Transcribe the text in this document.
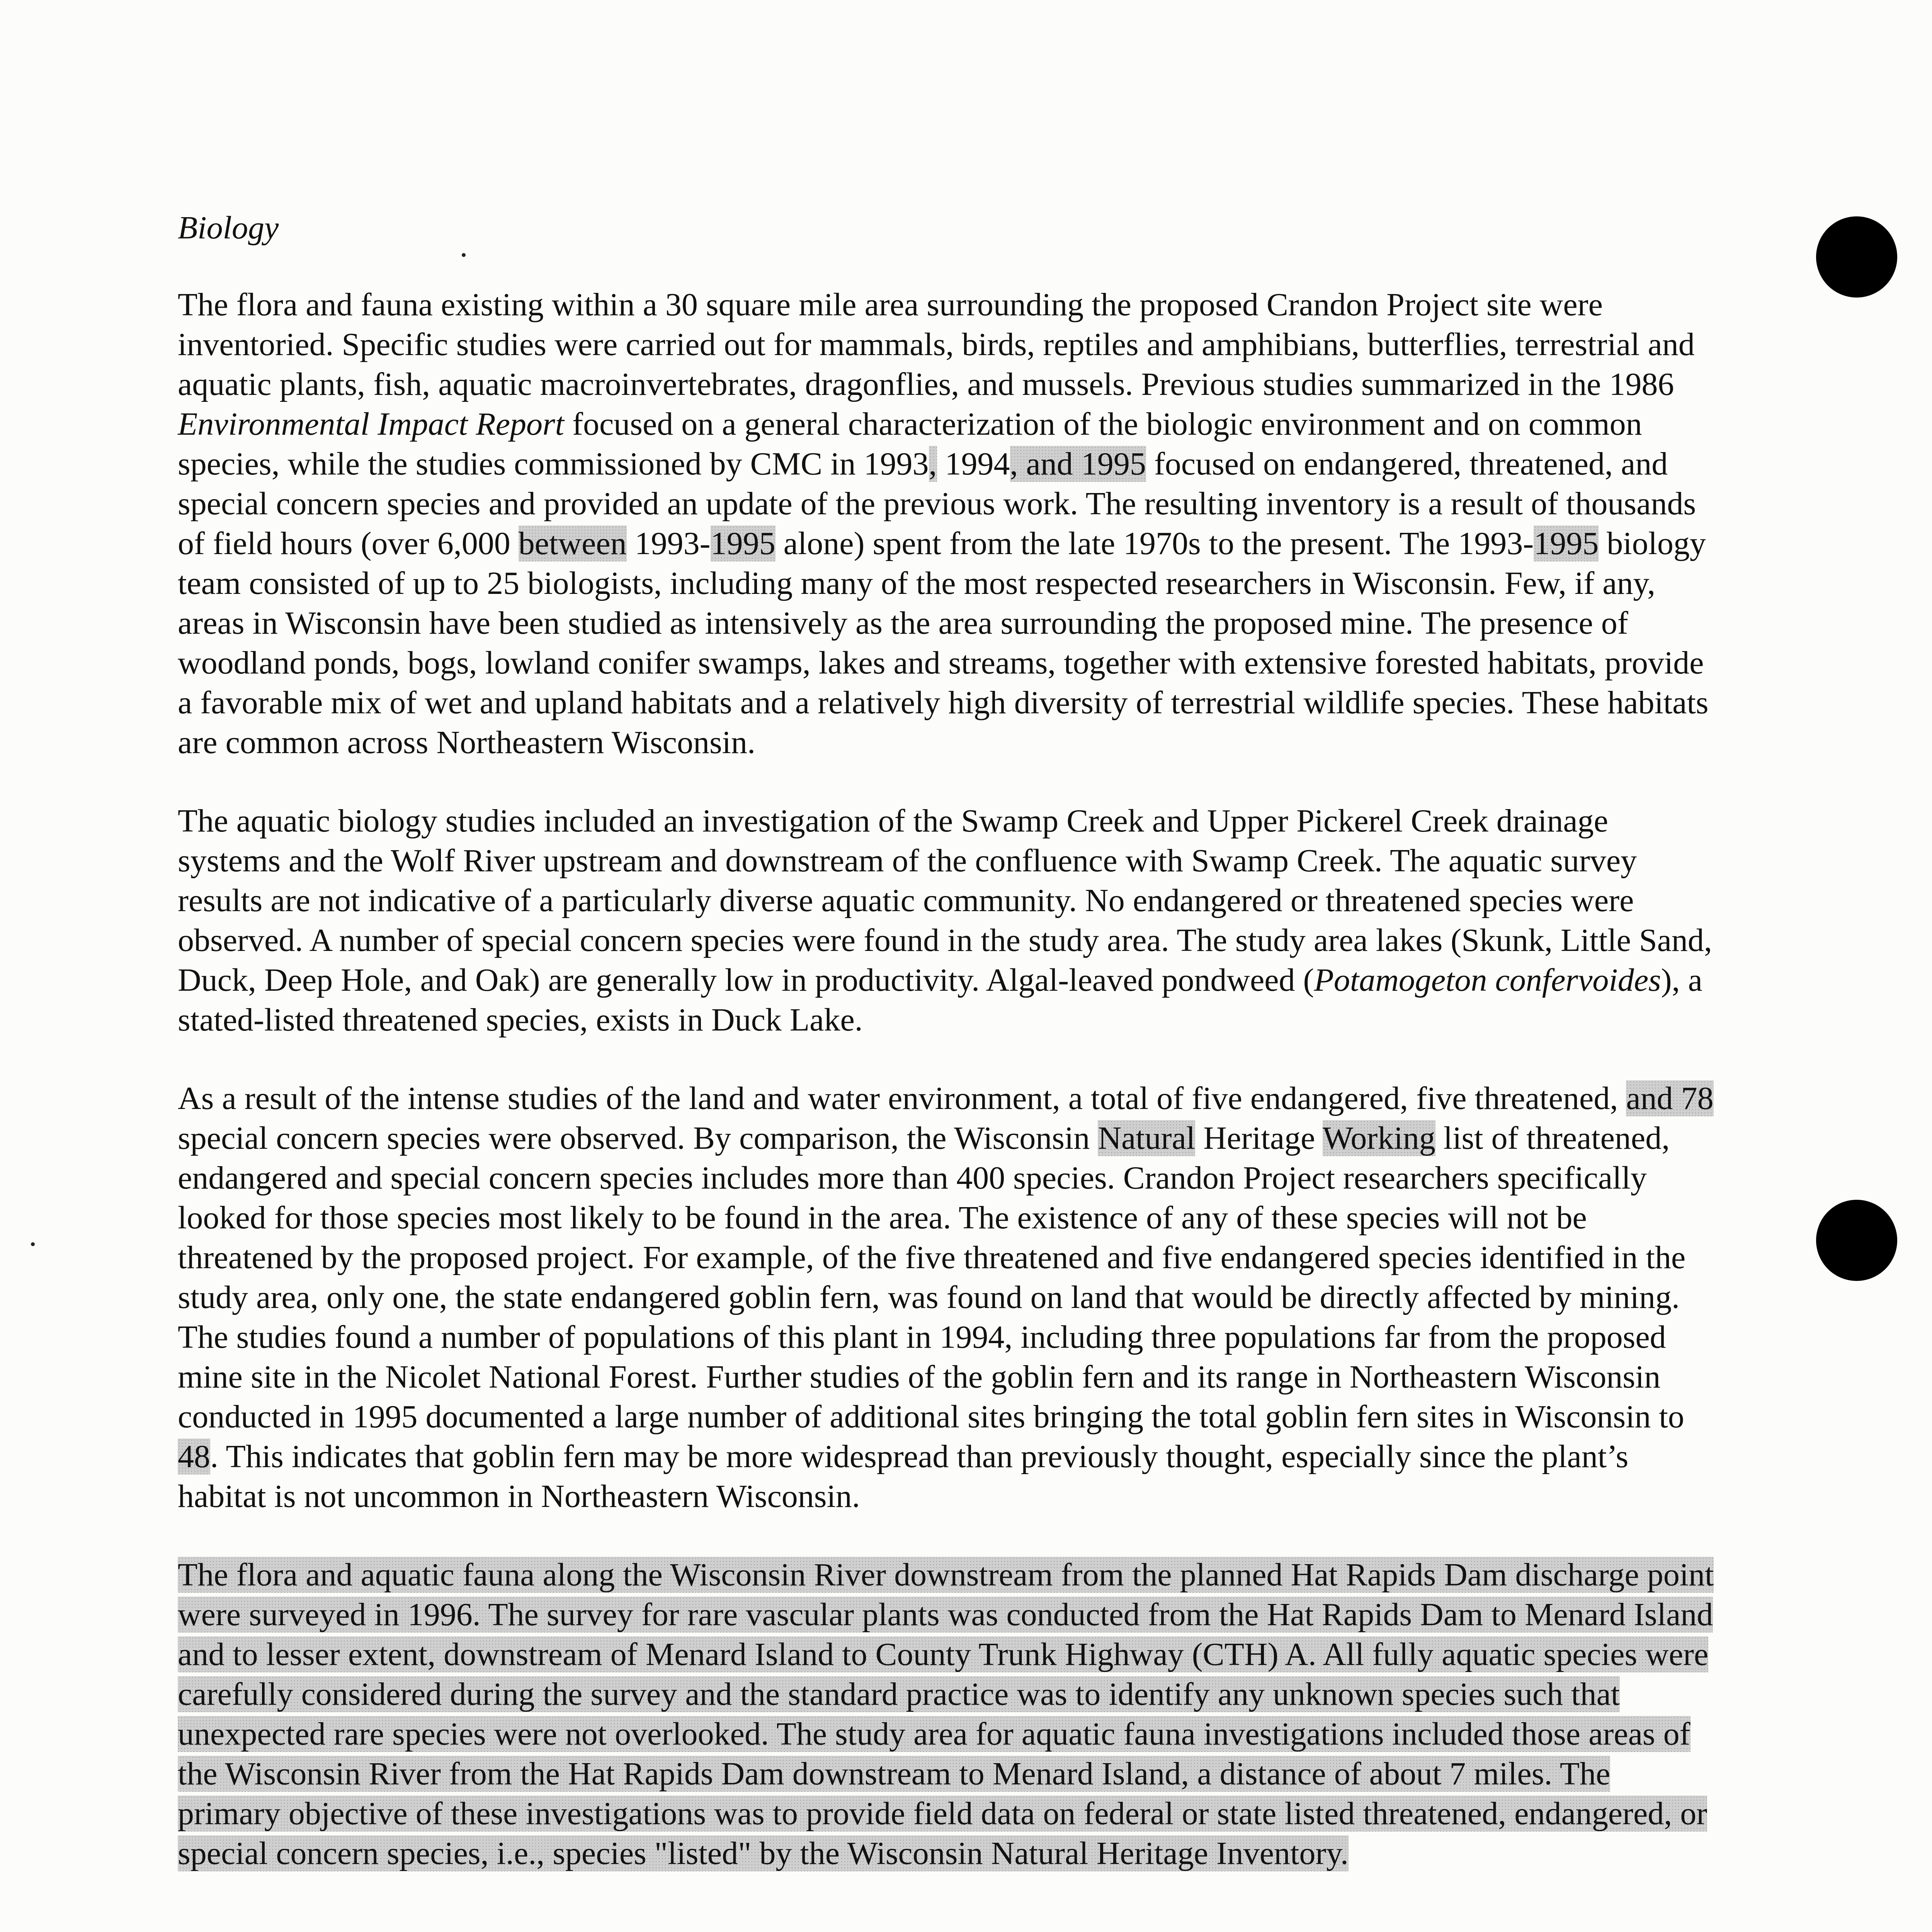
Biology

The flora and fauna existing within a 30 square mile area surrounding the proposed Crandon Project site were inventoried. Specific studies were carried out for mammals, birds, reptiles and amphibians, butterflies, terrestrial and aquatic plants, fish, aquatic macroinvertebrates, dragonflies, and mussels. Previous studies summarized in the 1986 Environmental Impact Report focused on a general characterization of the biologic environment and on common species, while the studies commissioned by CMC in 1993, 1994, and 1995 focused on endangered, threatened, and special concern species and provided an update of the previous work. The resulting inventory is a result of thousands of field hours (over 6,000 between 1993-1995 alone) spent from the late 1970s to the present. The 1993-1995 biology team consisted of up to 25 biologists, including many of the most respected researchers in Wisconsin. Few, if any, areas in Wisconsin have been studied as intensively as the area surrounding the proposed mine. The presence of woodland ponds, bogs, lowland conifer swamps, lakes and streams, together with extensive forested habitats, provide a favorable mix of wet and upland habitats and a relatively high diversity of terrestrial wildlife species. These habitats are common across Northeastern Wisconsin.

The aquatic biology studies included an investigation of the Swamp Creek and Upper Pickerel Creek drainage systems and the Wolf River upstream and downstream of the confluence with Swamp Creek. The aquatic survey results are not indicative of a particularly diverse aquatic community. No endangered or threatened species were observed. A number of special concern species were found in the study area. The study area lakes (Skunk, Little Sand, Duck, Deep Hole, and Oak) are generally low in productivity. Algal-leaved pondweed (Potamogeton confervoides), a stated-listed threatened species, exists in Duck Lake.

As a result of the intense studies of the land and water environment, a total of five endangered, five threatened, and 78 special concern species were observed. By comparison, the Wisconsin Natural Heritage Working list of threatened, endangered and special concern species includes more than 400 species. Crandon Project researchers specifically looked for those species most likely to be found in the area. The existence of any of these species will not be threatened by the proposed project. For example, of the five threatened and five endangered species identified in the study area, only one, the state endangered goblin fern, was found on land that would be directly affected by mining. The studies found a number of populations of this plant in 1994, including three populations far from the proposed mine site in the Nicolet National Forest. Further studies of the goblin fern and its range in Northeastern Wisconsin conducted in 1995 documented a large number of additional sites bringing the total goblin fern sites in Wisconsin to 48. This indicates that goblin fern may be more widespread than previously thought, especially since the plant’s habitat is not uncommon in Northeastern Wisconsin.

The flora and aquatic fauna along the Wisconsin River downstream from the planned Hat Rapids Dam discharge point were surveyed in 1996. The survey for rare vascular plants was conducted from the Hat Rapids Dam to Menard Island and to lesser extent, downstream of Menard Island to County Trunk Highway (CTH) A. All fully aquatic species were carefully considered during the survey and the standard practice was to identify any unknown species such that unexpected rare species were not overlooked. The study area for aquatic fauna investigations included those areas of the Wisconsin River from the Hat Rapids Dam downstream to Menard Island, a distance of about 7 miles. The primary objective of these investigations was to provide field data on federal or state listed threatened, endangered, or special concern species, i.e., species "listed" by the Wisconsin Natural Heritage Inventory.
